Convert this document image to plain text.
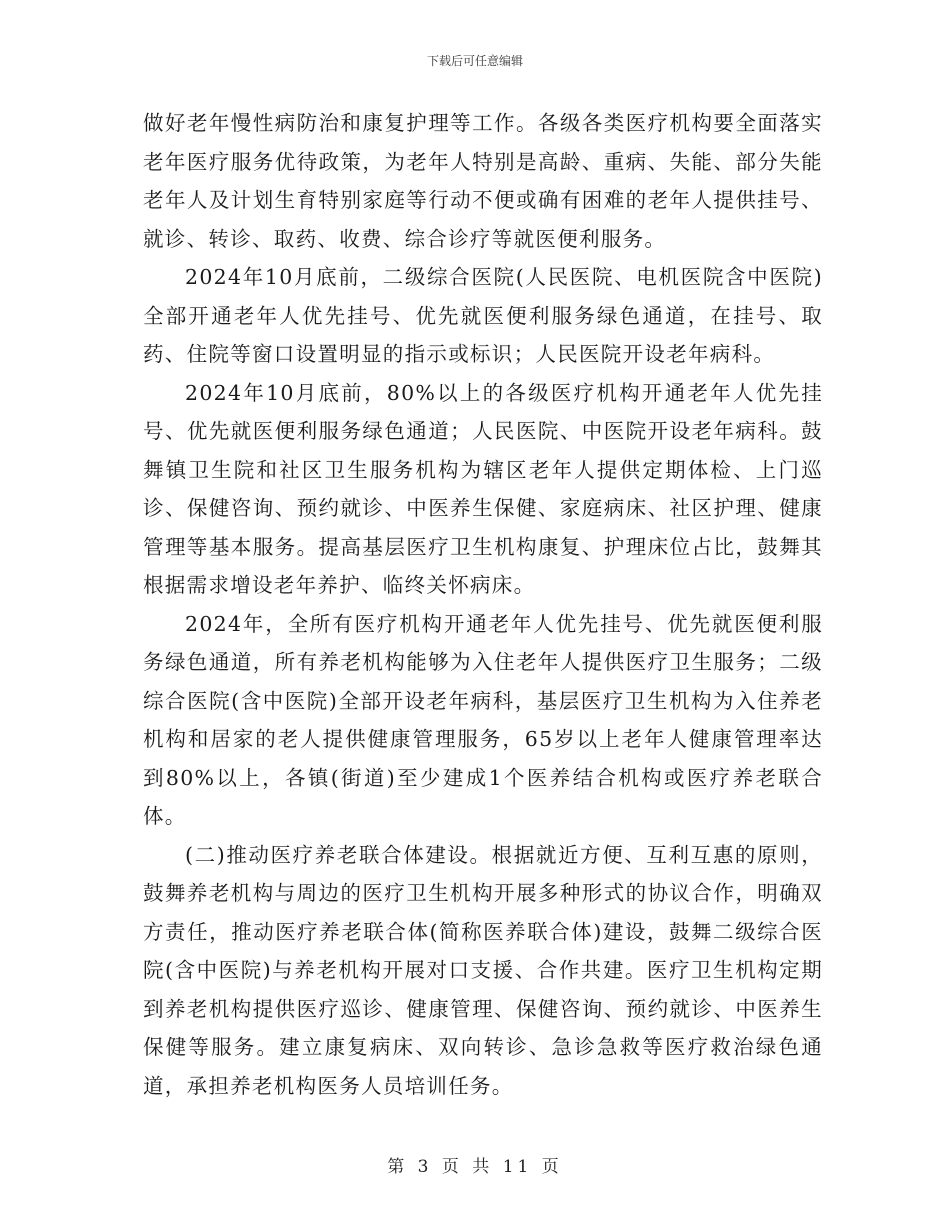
下载后可任意编辑

做好老年慢性病防治和康复护理等工作。各级各类医疗机构要全面落实老年医疗服务优待政策，为老年人特别是高龄、重病、失能、部分失能老年人及计划生育特别家庭等行动不便或确有困难的老年人提供挂号、就诊、转诊、取药、收费、综合诊疗等就医便利服务。

2024年10月底前，二级综合医院(人民医院、电机医院含中医院)全部开通老年人优先挂号、优先就医便利服务绿色通道，在挂号、取药、住院等窗口设置明显的指示或标识；人民医院开设老年病科。

2024年10月底前，80%以上的各级医疗机构开通老年人优先挂号、优先就医便利服务绿色通道；人民医院、中医院开设老年病科。鼓舞镇卫生院和社区卫生服务机构为辖区老年人提供定期体检、上门巡诊、保健咨询、预约就诊、中医养生保健、家庭病床、社区护理、健康管理等基本服务。提高基层医疗卫生机构康复、护理床位占比，鼓舞其根据需求增设老年养护、临终关怀病床。

2024年，全所有医疗机构开通老年人优先挂号、优先就医便利服务绿色通道，所有养老机构能够为入住老年人提供医疗卫生服务；二级综合医院(含中医院)全部开设老年病科，基层医疗卫生机构为入住养老机构和居家的老人提供健康管理服务，65岁以上老年人健康管理率达到80%以上，各镇(街道)至少建成1个医养结合机构或医疗养老联合体。

(二)推动医疗养老联合体建设。根据就近方便、互利互惠的原则，鼓舞养老机构与周边的医疗卫生机构开展多种形式的协议合作，明确双方责任，推动医疗养老联合体(简称医养联合体)建设，鼓舞二级综合医院(含中医院)与养老机构开展对口支援、合作共建。医疗卫生机构定期到养老机构提供医疗巡诊、健康管理、保健咨询、预约就诊、中医养生保健等服务。建立康复病床、双向转诊、急诊急救等医疗救治绿色通道，承担养老机构医务人员培训任务。

第 3 页 共 11 页
